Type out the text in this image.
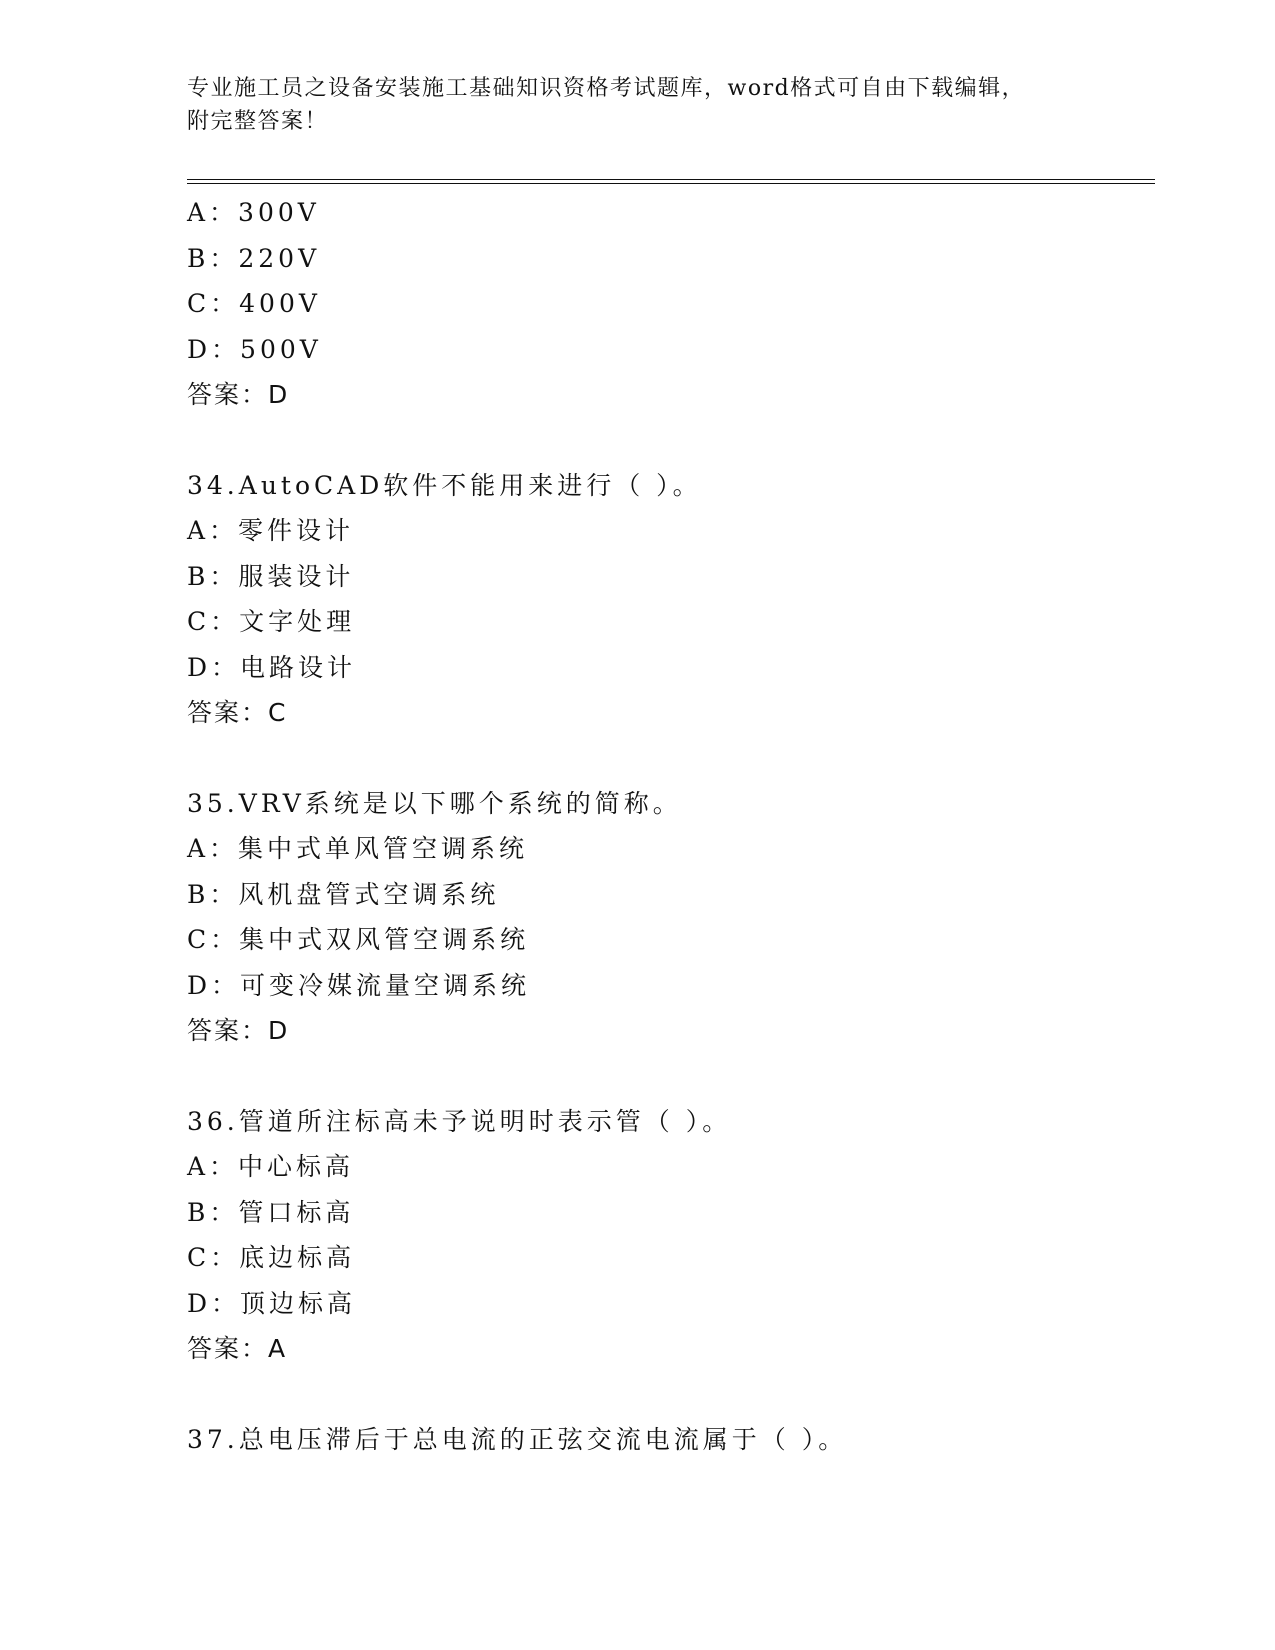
专业施工员之设备安装施工基础知识资格考试题库，word格式可自由下载编辑，
附完整答案！
A：300V
B：220V
C：400V
D：500V
答案：D
34.AutoCAD软件不能用来进行（ ）。
A：零件设计
B：服装设计
C：文字处理
D：电路设计
答案：C
35.VRV系统是以下哪个系统的简称。
A：集中式单风管空调系统
B：风机盘管式空调系统
C：集中式双风管空调系统
D：可变冷媒流量空调系统
答案：D
36.管道所注标高未予说明时表示管（ ）。
A：中心标高
B：管口标高
C：底边标高
D：顶边标高
答案：A
37.总电压滞后于总电流的正弦交流电流属于（ ）。
